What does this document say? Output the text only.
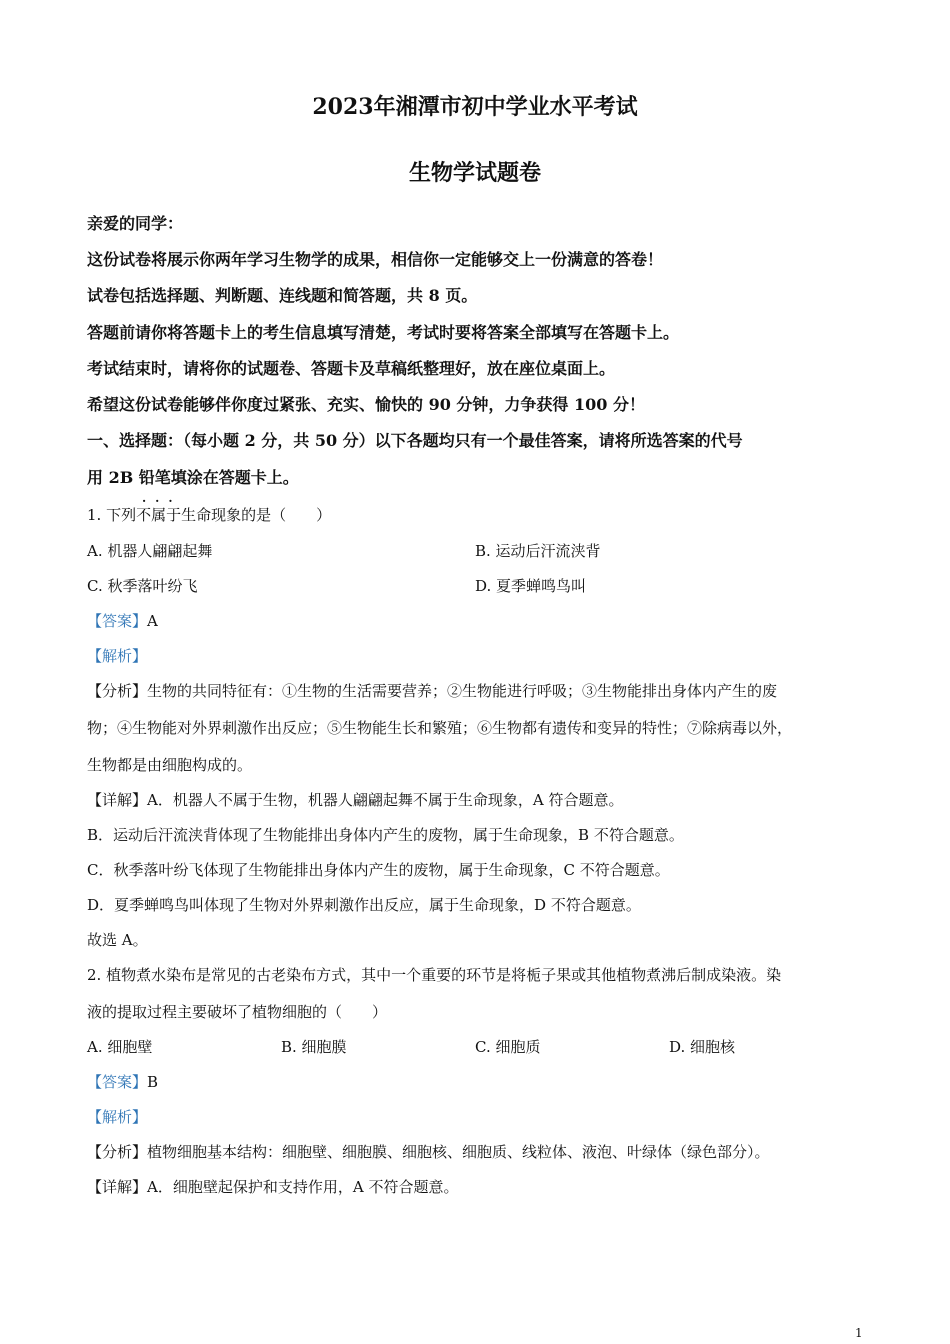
2023年湘潭市初中学业水平考试
生物学试题卷
亲爱的同学：
这份试卷将展示你两年学习生物学的成果，相信你一定能够交上一份满意的答卷！
试卷包括选择题、判断题、连线题和简答题，共 8 页。
答题前请你将答题卡上的考生信息填写清楚，考试时要将答案全部填写在答题卡上。
考试结束时，请将你的试题卷、答题卡及草稿纸整理好，放在座位桌面上。
希望这份试卷能够伴你度过紧张、充实、愉快的 90 分钟，力争获得 100 分！
一、选择题：（每小题 2 分，共 50 分）以下各题均只有一个最佳答案，请将所选答案的代号
用 2B 铅笔填涂在答题卡上。
...
1. 下列不属于生命现象的是（　　）
A. 机器人翩翩起舞	B. 运动后汗流浃背
C. 秋季落叶纷飞	D. 夏季蝉鸣鸟叫
【答案】A
【解析】
【分析】生物的共同特征有：①生物的生活需要营养；②生物能进行呼吸；③生物能排出身体内产生的废
物；④生物能对外界刺激作出反应；⑤生物能生长和繁殖；⑥生物都有遗传和变异的特性；⑦除病毒以外，
生物都是由细胞构成的。
【详解】A．机器人不属于生物，机器人翩翩起舞不属于生命现象，A 符合题意。
B．运动后汗流浃背体现了生物能排出身体内产生的废物，属于生命现象，B 不符合题意。
C．秋季落叶纷飞体现了生物能排出身体内产生的废物，属于生命现象，C 不符合题意。
D．夏季蝉鸣鸟叫体现了生物对外界刺激作出反应，属于生命现象，D 不符合题意。
故选 A。
2. 植物煮水染布是常见的古老染布方式，其中一个重要的环节是将栀子果或其他植物煮沸后制成染液。染
液的提取过程主要破坏了植物细胞的（　　）
A. 细胞壁	B. 细胞膜	C. 细胞质	D. 细胞核
【答案】B
【解析】
【分析】植物细胞基本结构：细胞壁、细胞膜、细胞核、细胞质、线粒体、液泡、叶绿体（绿色部分）。
【详解】A．细胞壁起保护和支持作用，A 不符合题意。
1
